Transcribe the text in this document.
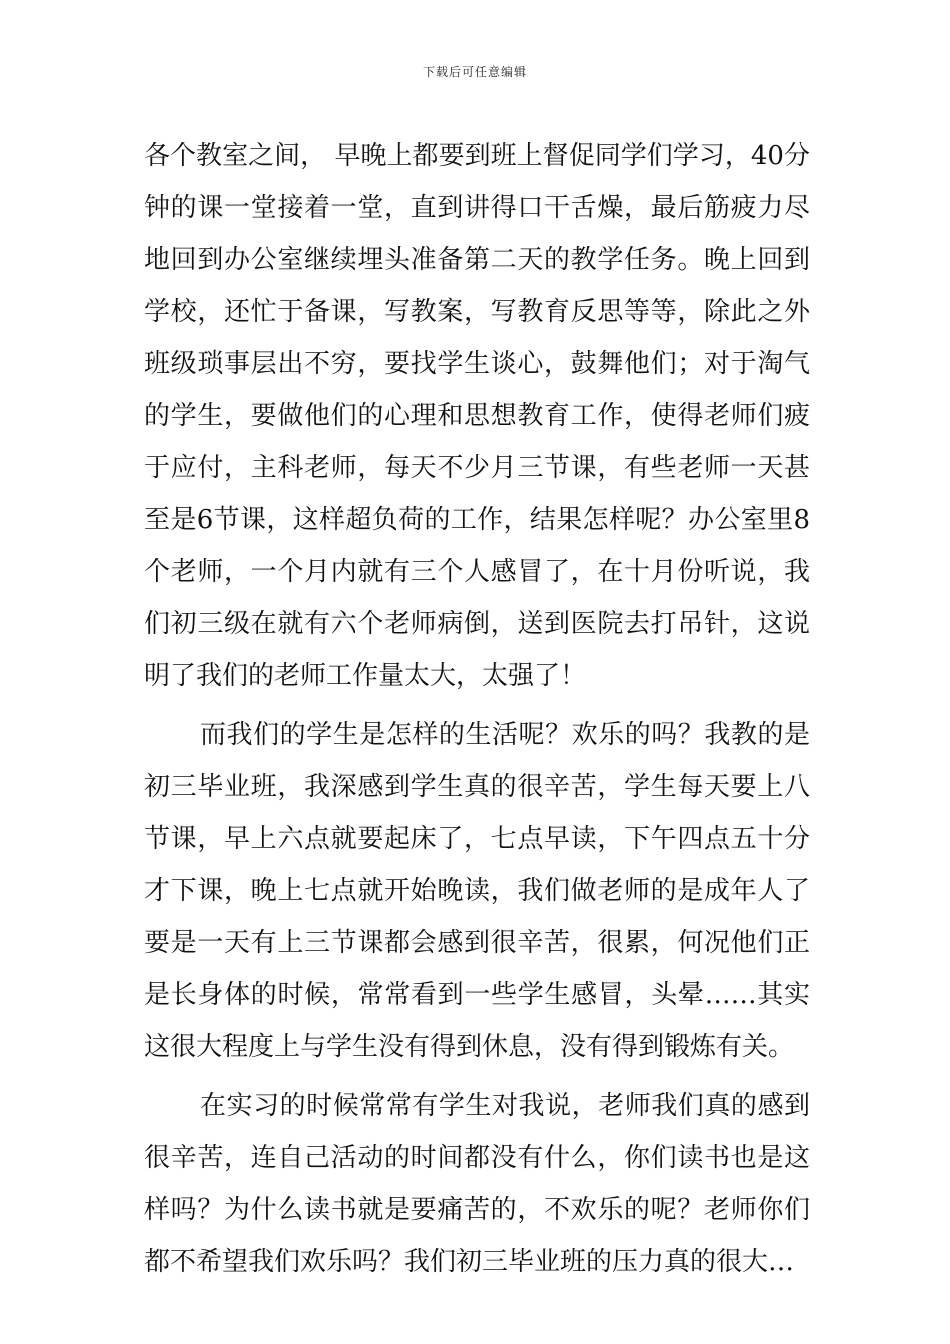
下载后可任意编辑
各个教室之间， 早晚上都要到班上督促同学们学习，40分
钟的课一堂接着一堂，直到讲得口干舌燥，最后筋疲力尽
地回到办公室继续埋头准备第二天的教学任务。晚上回到
学校，还忙于备课，写教案，写教育反思等等，除此之外
班级琐事层出不穷，要找学生谈心，鼓舞他们；对于淘气
的学生，要做他们的心理和思想教育工作，使得老师们疲
于应付，主科老师，每天不少月三节课，有些老师一天甚
至是6节课，这样超负荷的工作，结果怎样呢？办公室里8
个老师，一个月内就有三个人感冒了，在十月份听说，我
们初三级在就有六个老师病倒，送到医院去打吊针，这说
明了我们的老师工作量太大，太强了！
而我们的学生是怎样的生活呢？欢乐的吗？我教的是
初三毕业班，我深感到学生真的很辛苦，学生每天要上八
节课，早上六点就要起床了，七点早读，下午四点五十分
才下课，晚上七点就开始晚读，我们做老师的是成年人了
要是一天有上三节课都会感到很辛苦，很累，何况他们正
是长身体的时候，常常看到一些学生感冒，头晕……其实
这很大程度上与学生没有得到休息，没有得到锻炼有关。
在实习的时候常常有学生对我说，老师我们真的感到
很辛苦，连自己活动的时间都没有什么，你们读书也是这
样吗？为什么读书就是要痛苦的，不欢乐的呢？老师你们
都不希望我们欢乐吗？我们初三毕业班的压力真的很大…
